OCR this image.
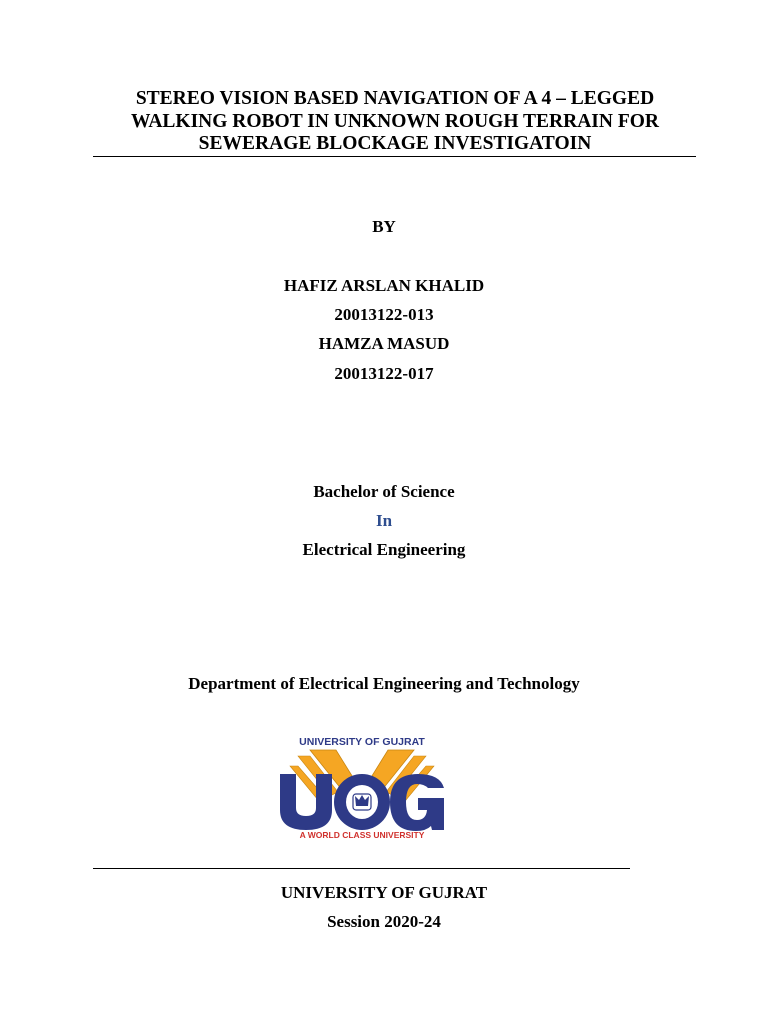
STEREO VISION BASED NAVIGATION OF A 4 – LEGGED
WALKING ROBOT IN UNKNOWN ROUGH TERRAIN FOR
SEWERAGE BLOCKAGE INVESTIGATOIN
BY
HAFIZ ARSLAN KHALID
20013122-013
HAMZA MASUD
20013122-017
Bachelor of Science
In
Electrical Engineering
Department of Electrical Engineering and Technology
UNIVERSITY OF GUJRAT
A WORLD CLASS UNIVERSITY
UNIVERSITY OF GUJRAT
Session 2020-24
